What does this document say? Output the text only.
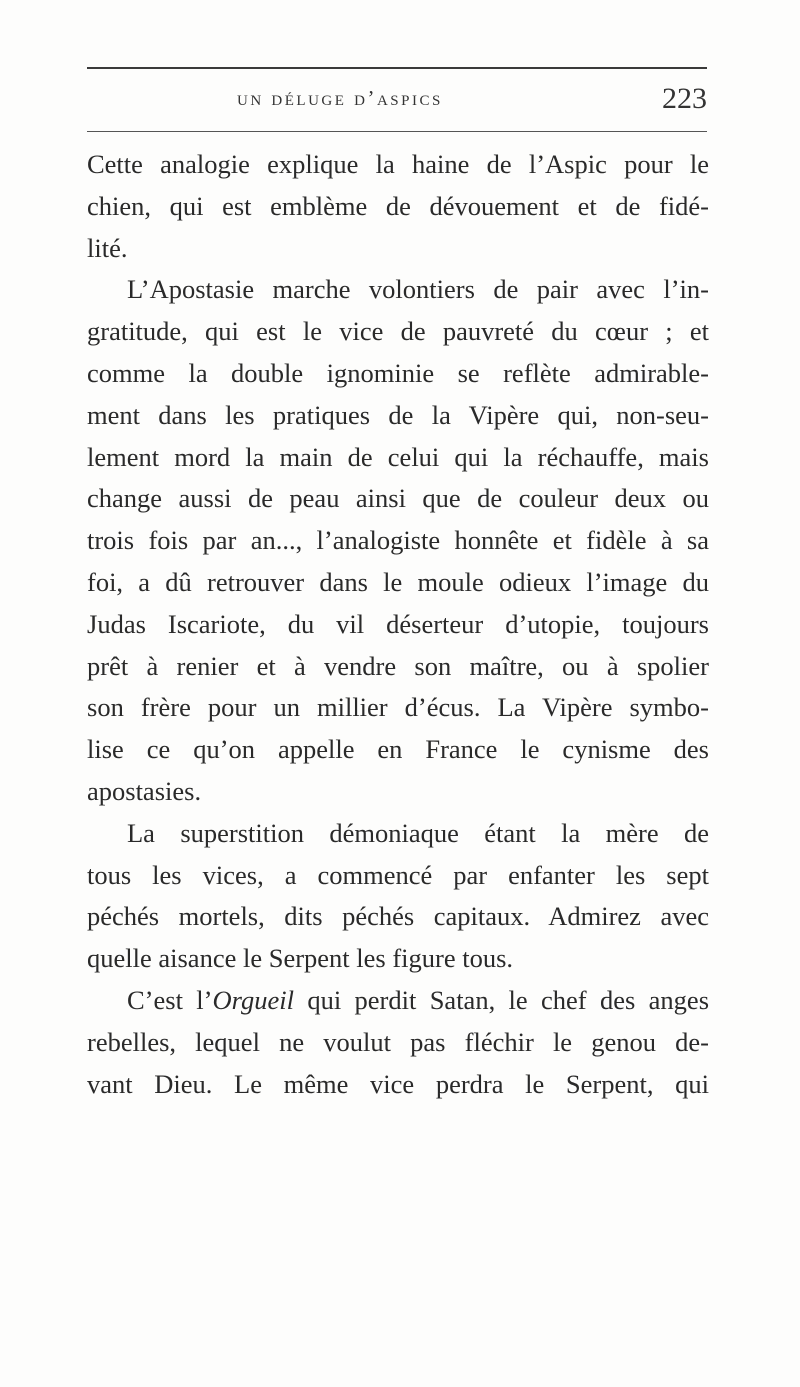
un déluge d’aspics	223
Cette analogie explique la haine de l’Aspic pour le
chien, qui est emblème de dévouement et de fidé-
lité.
L’Apostasie marche volontiers de pair avec l’in-
gratitude, qui est le vice de pauvreté du cœur ; et
comme la double ignominie se reflète admirable-
ment dans les pratiques de la Vipère qui, non-seu-
lement mord la main de celui qui la réchauffe, mais
change aussi de peau ainsi que de couleur deux ou
trois fois par an..., l’analogiste honnête et fidèle à sa
foi, a dû retrouver dans le moule odieux l’image du
Judas Iscariote, du vil déserteur d’utopie, toujours
prêt à renier et à vendre son maître, ou à spolier
son frère pour un millier d’écus. La Vipère symbo-
lise ce qu’on appelle en France le cynisme des
apostasies.
La superstition démoniaque étant la mère de
tous les vices, a commencé par enfanter les sept
péchés mortels, dits péchés capitaux. Admirez avec
quelle aisance le Serpent les figure tous.
C’est l’Orgueil qui perdit Satan, le chef des anges
rebelles, lequel ne voulut pas fléchir le genou de-
vant Dieu. Le même vice perdra le Serpent, qui
